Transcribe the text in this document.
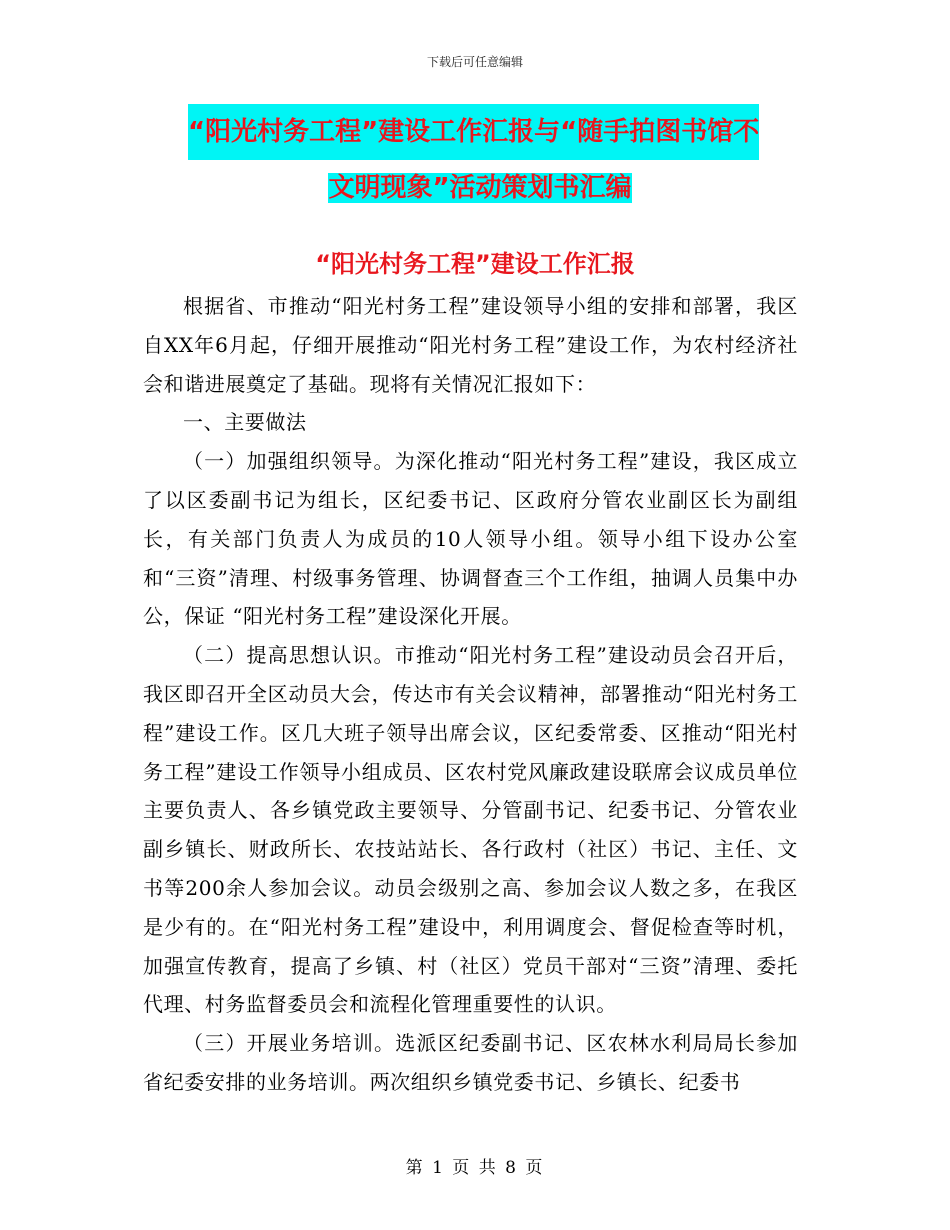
下载后可任意编辑
“阳光村务工程”建设工作汇报与“随手拍图书馆不
文明现象”活动策划书汇编
“阳光村务工程”建设工作汇报

根据省、市推动“阳光村务工程”建设领导小组的安排和部署，我区自XX年6月起，仔细开展推动“阳光村务工程”建设工作，为农村经济社会和谐进展奠定了基础。现将有关情况汇报如下：

一、主要做法

（一）加强组织领导。为深化推动“阳光村务工程”建设，我区成立了以区委副书记为组长，区纪委书记、区政府分管农业副区长为副组长，有关部门负责人为成员的10人领导小组。领导小组下设办公室和“三资”清理、村级事务管理、协调督查三个工作组，抽调人员集中办公，保证 “阳光村务工程”建设深化开展。

（二）提高思想认识。市推动“阳光村务工程”建设动员会召开后，我区即召开全区动员大会，传达市有关会议精神，部署推动“阳光村务工程”建设工作。区几大班子领导出席会议，区纪委常委、区推动“阳光村务工程”建设工作领导小组成员、区农村党风廉政建设联席会议成员单位主要负责人、各乡镇党政主要领导、分管副书记、纪委书记、分管农业副乡镇长、财政所长、农技站站长、各行政村（社区）书记、主任、文书等200余人参加会议。动员会级别之高、参加会议人数之多，在我区是少有的。在“阳光村务工程”建设中，利用调度会、督促检查等时机，加强宣传教育，提高了乡镇、村（社区）党员干部对“三资”清理、委托代理、村务监督委员会和流程化管理重要性的认识。

（三）开展业务培训。选派区纪委副书记、区农林水利局局长参加省纪委安排的业务培训。两次组织乡镇党委书记、乡镇长、纪委书

第 1 页 共 8 页
